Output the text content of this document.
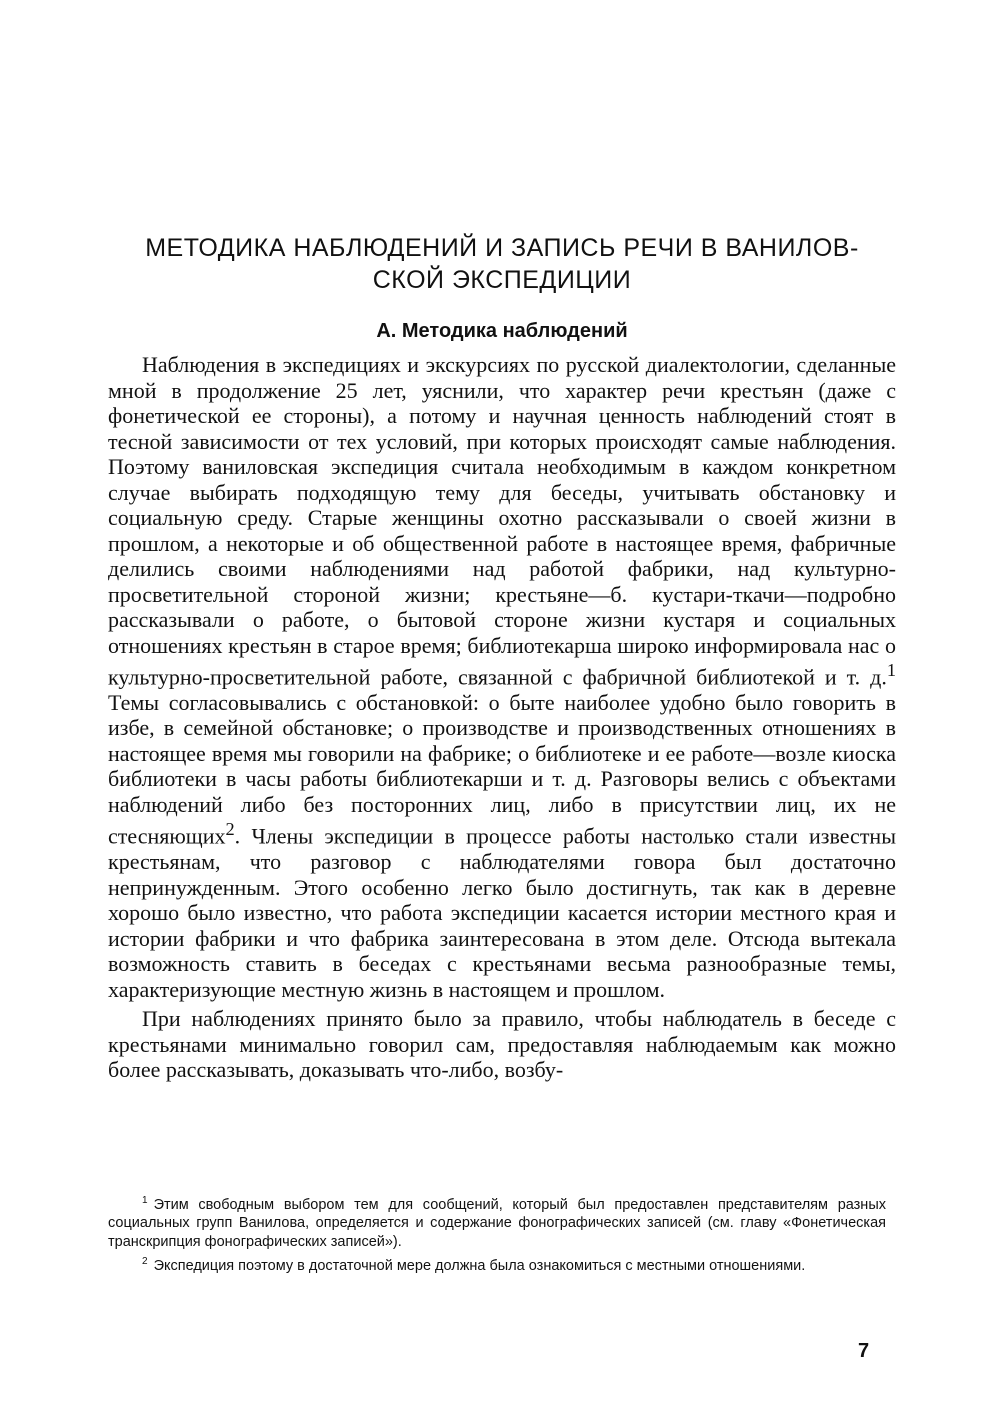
МЕТОДИКА НАБЛЮДЕНИЙ И ЗАПИСЬ РЕЧИ В ВАНИЛОВ-
СКОЙ ЭКСПЕДИЦИИ
А. Методика наблюдений

Наблюдения в экспедициях и экскурсиях по русской диалектологии, сделанные мной в продолжение 25 лет, уяснили, что характер речи крестьян (даже с фонетической ее стороны), а потому и научная ценность наблюдений стоят в тесной зависимости от тех условий, при которых происходят самые наблюдения. Поэтому ваниловская экспедиция считала необходимым в каждом конкретном случае выбирать подходящую тему для беседы, учитывать обстановку и социальную среду. Старые женщины охотно рассказывали о своей жизни в прошлом, а некоторые и об общественной работе в настоящее время, фабричные делились своими наблюдениями над работой фабрики, над культурно-просветительной стороной жизни; крестьяне—б. кустари-ткачи—подробно рассказывали о работе, о бытовой стороне жизни кустаря и социальных отношениях крестьян в старое время; библиотекарша широко информировала нас о культурно-просветительной работе, связанной с фабричной библиотекой и т. д.$^1$ Темы согласовывались с обстановкой: о быте наиболее удобно было говорить в избе, в семейной обстановке; о производстве и производственных отношениях в настоящее время мы говорили на фабрике; о библиотеке и ее работе—возле киоска библиотеки в часы работы библиотекарши и т. д. Разговоры велись с объектами наблюдений либо без посторонних лиц, либо в присутствии лиц, их не стесняющих$^2$. Члены экспедиции в процессе работы настолько стали известны крестьянам, что разговор с наблюдателями говора был достаточно непринужденным. Этого особенно легко было достигнуть, так как в деревне хорошо было известно, что работа экспедиции касается истории местного края и истории фабрики и что фабрика заинтересована в этом деле. Отсюда вытекала возможность ставить в беседах с крестьянами весьма разнообразные темы, характеризующие местную жизнь в настоящем и прошлом.

При наблюдениях принято было за правило, чтобы наблюдатель в беседе с крестьянами минимально говорил сам, предоставляя наблюдаемым как можно более рассказывать, доказывать что-либо, возбу-

$^1$ Этим свободным выбором тем для сообщений, который был предоставлен представителям разных социальных групп Ванилова, определяется и содержание фонографических записей (см. главу «Фонетическая транскрипция фонографических записей»).

$^2$ Экспедиция поэтому в достаточной мере должна была ознакомиться с местными отношениями.

7
